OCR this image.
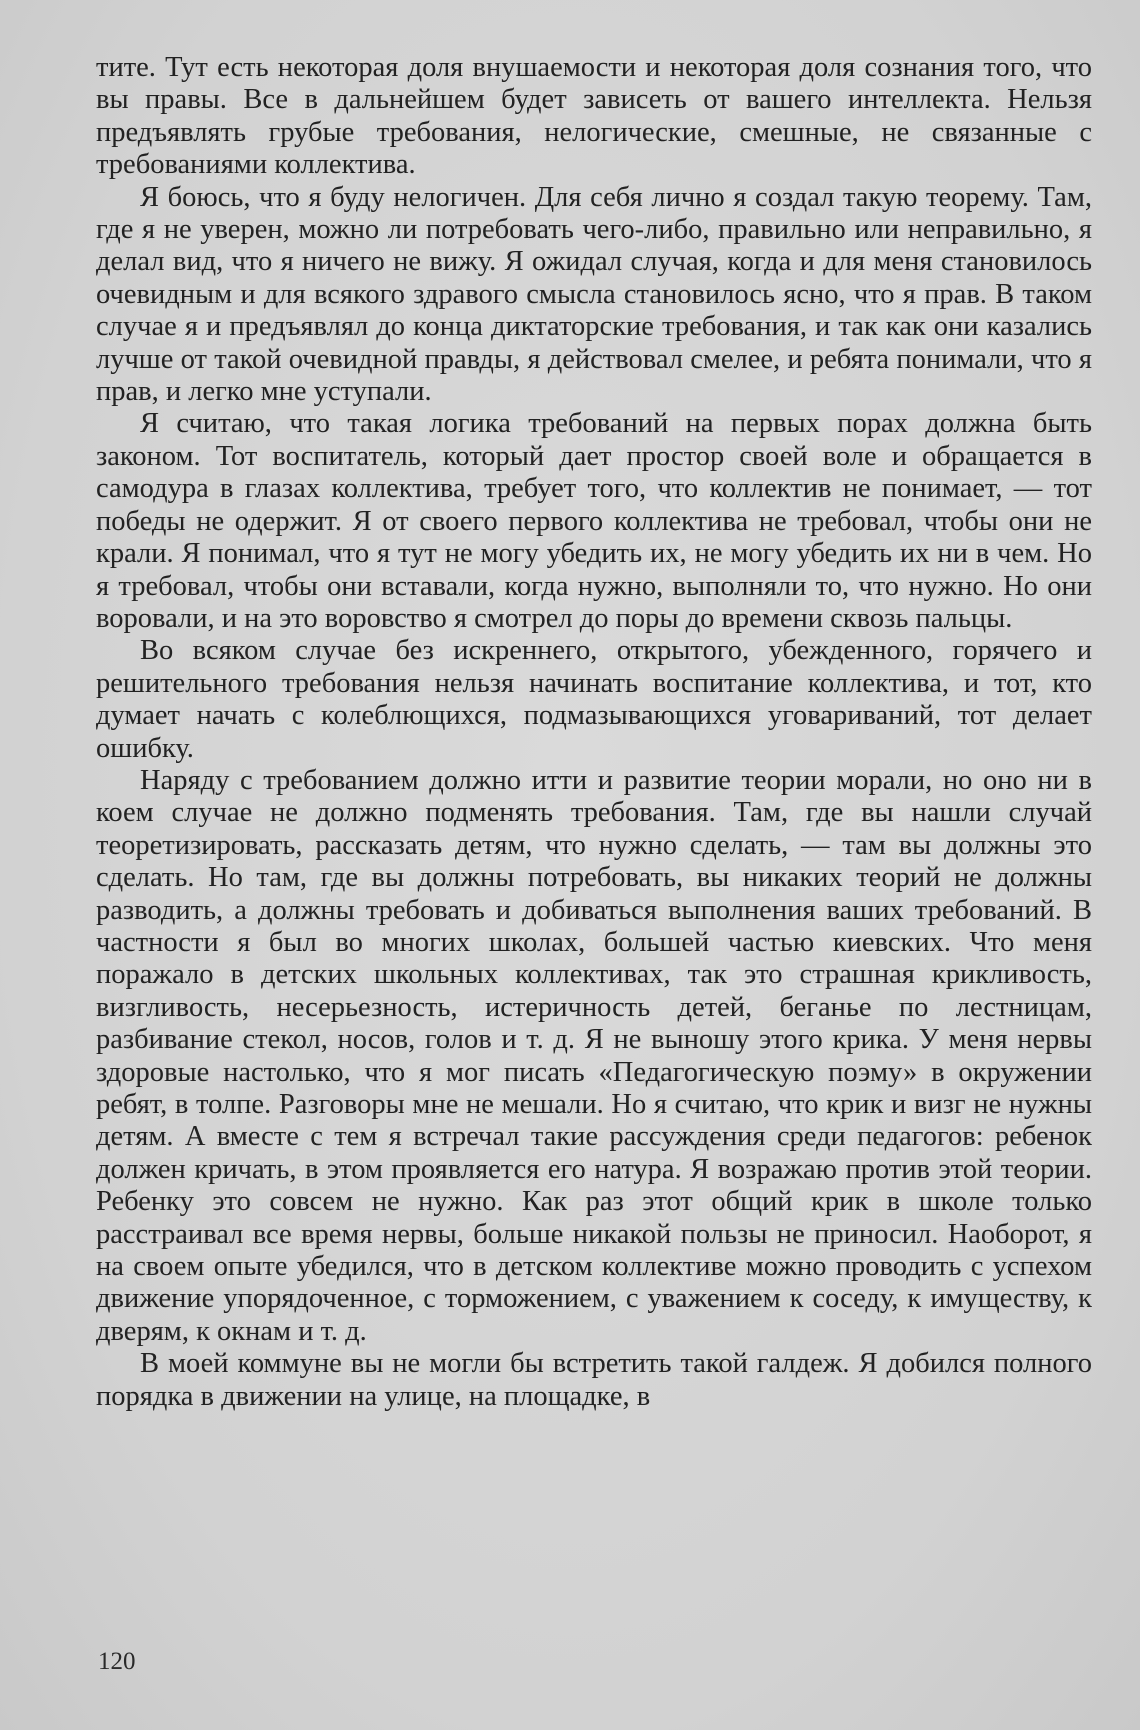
тите. Тут есть некоторая доля внушаемости и некоторая доля сознания того, что вы правы. Все в дальнейшем будет зависеть от вашего интеллекта. Нельзя предъявлять грубые требования, нелогические, смешные, не связанные с требованиями коллектива.

Я боюсь, что я буду нелогичен. Для себя лично я создал такую теорему. Там, где я не уверен, можно ли потребовать чего-либо, правильно или неправильно, я делал вид, что я ничего не вижу. Я ожидал случая, когда и для меня становилось очевидным и для всякого здравого смысла становилось ясно, что я прав. В таком случае я и предъявлял до конца диктаторские требования, и так как они казались лучше от такой очевидной правды, я действовал смелее, и ребята понимали, что я прав, и легко мне уступали.

Я считаю, что такая логика требований на первых порах должна быть законом. Тот воспитатель, который дает простор своей воле и обращается в самодура в глазах коллектива, требует того, что коллектив не понимает, — тот победы не одержит. Я от своего первого коллектива не требовал, чтобы они не крали. Я понимал, что я тут не могу убедить их, не могу убедить их ни в чем. Но я требовал, чтобы они вставали, когда нужно, выполняли то, что нужно. Но они воровали, и на это воровство я смотрел до поры до времени сквозь пальцы.

Во всяком случае без искреннего, открытого, убежденного, горячего и решительного требования нельзя начинать воспитание коллектива, и тот, кто думает начать с колеблющихся, подмазывающихся уговариваний, тот делает ошибку.

Наряду с требованием должно итти и развитие теории морали, но оно ни в коем случае не должно подменять требования. Там, где вы нашли случай теоретизировать, рассказать детям, что нужно сделать, — там вы должны это сделать. Но там, где вы должны потребовать, вы никаких теорий не должны разводить, а должны требовать и добиваться выполнения ваших требований. В частности я был во многих школах, большей частью киевских. Что меня поражало в детских школьных коллективах, так это страшная крикливость, визгливость, несерьезность, истеричность детей, беганье по лестницам, разбивание стекол, носов, голов и т. д. Я не выношу этого крика. У меня нервы здоровые настолько, что я мог писать «Педагогическую поэму» в окружении ребят, в толпе. Разговоры мне не мешали. Но я считаю, что крик и визг не нужны детям. А вместе с тем я встречал такие рассуждения среди педагогов: ребенок должен кричать, в этом проявляется его натура. Я возражаю против этой теории. Ребенку это совсем не нужно. Как раз этот общий крик в школе только расстраивал все время нервы, больше никакой пользы не приносил. Наоборот, я на своем опыте убедился, что в детском коллективе можно проводить с успехом движение упорядоченное, с торможением, с уважением к соседу, к имуществу, к дверям, к окнам и т. д.

В моей коммуне вы не могли бы встретить такой галдеж. Я добился полного порядка в движении на улице, на площадке, в

120
